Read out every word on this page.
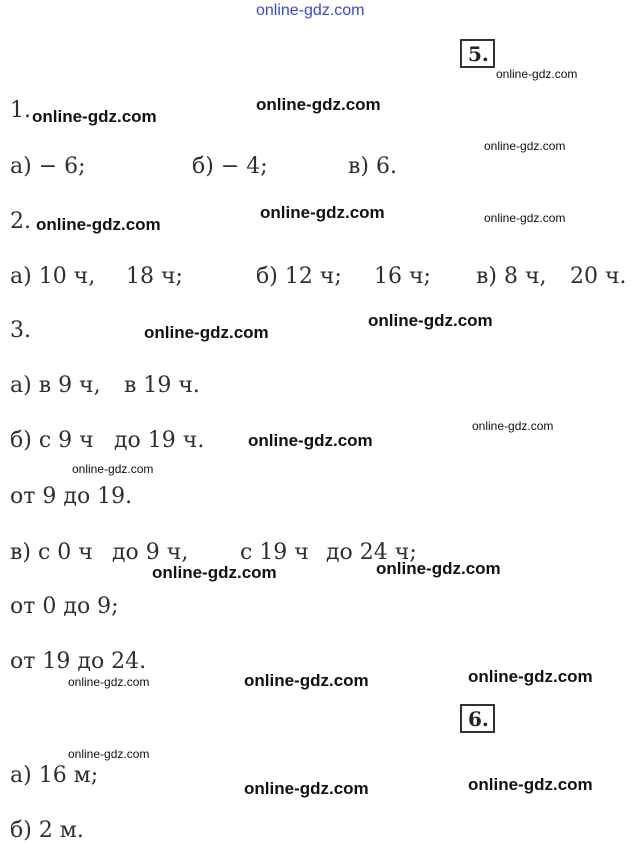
online-gdz.com
5.
online-gdz.com
1. online-gdz.com
online-gdz.com
online-gdz.com
а) − 6;	б) − 4;	в) 6.
2. online-gdz.com
online-gdz.com	online-gdz.com
а) 10 ч, 18 ч;	б) 12 ч; 16 ч; в) 8 ч, 20 ч.
3.	online-gdz.com
online-gdz.com
а) в 9 ч, в 19 ч.
online-gdz.com
б) с 9 ч до 19 ч.	online-gdz.com
online-gdz.com
от 9 до 19.
в) с 0 ч до 9 ч, с 19 ч до 24 ч;
online-gdz.com	online-gdz.com
от 0 до 9;
от 19 до 24.
online-gdz.com
online-gdz.com	online-gdz.com
6.
online-gdz.com
а) 16 м;	online-gdz.com
online-gdz.com
б) 2 м.
